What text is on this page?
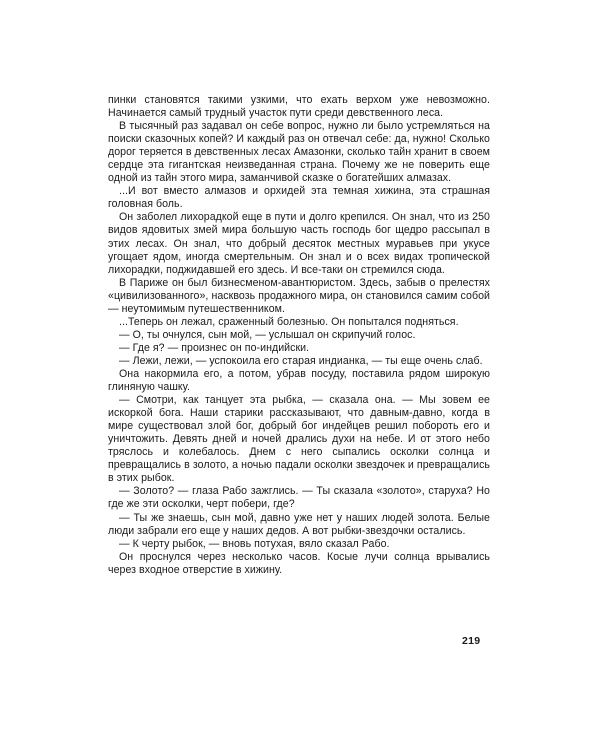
пинки становятся такими узкими, что ехать верхом уже невозможно. Начинается самый трудный участок пути среди девственного леса.

В тысячный раз задавал он себе вопрос, нужно ли было устремляться на поиски сказочных копей? И каждый раз он отвечал себе: да, нужно! Сколько дорог теряется в девственных лесах Амазонки, сколько тайн хранит в своем сердце эта гигантская неизведанная страна. Почему же не поверить еще одной из тайн этого мира, заманчивой сказке о богатейших алмазах.

...И вот вместо алмазов и орхидей эта темная хижина, эта страшная головная боль.

Он заболел лихорадкой еще в пути и долго крепился. Он знал, что из 250 видов ядовитых змей мира большую часть господь бог щедро рассыпал в этих лесах. Он знал, что добрый десяток местных муравьев при укусе угощает ядом, иногда смертельным. Он знал и о всех видах тропической лихорадки, поджидавшей его здесь. И все-таки он стремился сюда.

В Париже он был бизнесменом-авантюристом. Здесь, забыв о прелестях «цивилизованного», насквозь продажного мира, он становился самим собой — неутомимым путешественником.

...Теперь он лежал, сраженный болезнью. Он попытался подняться.

— О, ты очнулся, сын мой, — услышал он скрипучий голос.

— Где я? — произнес он по-индийски.

— Лежи, лежи, — успокоила его старая индианка, — ты еще очень слаб.

Она накормила его, а потом, убрав посуду, поставила рядом широкую глиняную чашку.

— Смотри, как танцует эта рыбка, — сказала она. — Мы зовем ее искоркой бога. Наши старики рассказывают, что давным-давно, когда в мире существовал злой бог, добрый бог индейцев решил побороть его и уничтожить. Девять дней и ночей дрались духи на небе. И от этого небо тряслось и колебалось. Днем с него сыпались осколки солнца и превращались в золото, а ночью падали осколки звездочек и превращались в этих рыбок.

— Золото? — глаза Рабо зажглись. — Ты сказала «золото», старуха? Но где же эти осколки, черт побери, где?

— Ты же знаешь, сын мой, давно уже нет у наших людей золота. Белые люди забрали его еще у наших дедов. А вот рыбки-звездочки остались.

— К черту рыбок, — вновь потухая, вяло сказал Рабо.

Он проснулся через несколько часов. Косые лучи солнца врывались через входное отверстие в хижину.

219
